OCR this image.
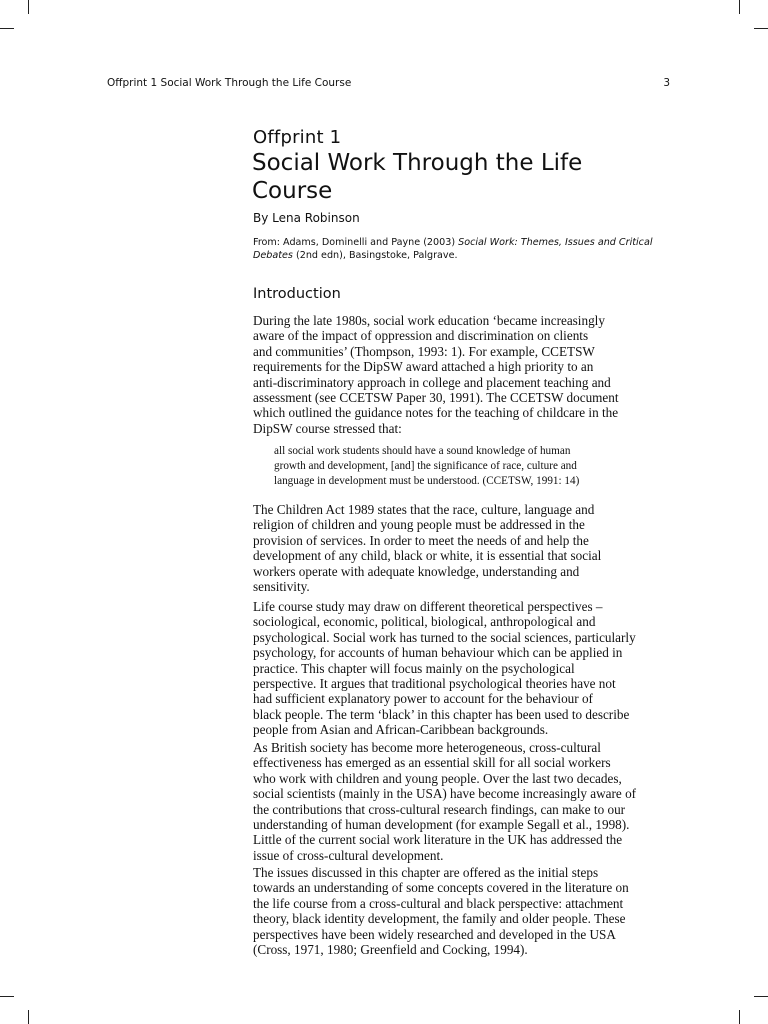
Offprint 1 Social Work Through the Life Course	3
Offprint 1
Social Work Through the Life
Course
By Lena Robinson
From: Adams, Dominelli and Payne (2003) Social Work: Themes, Issues and Critical
Debates (2nd edn), Basingstoke, Palgrave.
Introduction

During the late 1980s, social work education ‘became increasingly
aware of the impact of oppression and discrimination on clients
and communities’ (Thompson, 1993: 1). For example, CCETSW
requirements for the DipSW award attached a high priority to an
anti-discriminatory approach in college and placement teaching and
assessment (see CCETSW Paper 30, 1991). The CCETSW document
which outlined the guidance notes for the teaching of childcare in the
DipSW course stressed that:

all social work students should have a sound knowledge of human
growth and development, [and] the significance of race, culture and
language in development must be understood. (CCETSW, 1991: 14)

The Children Act 1989 states that the race, culture, language and
religion of children and young people must be addressed in the
provision of services. In order to meet the needs of and help the
development of any child, black or white, it is essential that social
workers operate with adequate knowledge, understanding and
sensitivity.

Life course study may draw on different theoretical perspectives –
sociological, economic, political, biological, anthropological and
psychological. Social work has turned to the social sciences, particularly
psychology, for accounts of human behaviour which can be applied in
practice. This chapter will focus mainly on the psychological
perspective. It argues that traditional psychological theories have not
had sufficient explanatory power to account for the behaviour of
black people. The term ‘black’ in this chapter has been used to describe
people from Asian and African-Caribbean backgrounds.

As British society has become more heterogeneous, cross-cultural
effectiveness has emerged as an essential skill for all social workers
who work with children and young people. Over the last two decades,
social scientists (mainly in the USA) have become increasingly aware of
the contributions that cross-cultural research findings, can make to our
understanding of human development (for example Segall et al., 1998).
Little of the current social work literature in the UK has addressed the
issue of cross-cultural development.

The issues discussed in this chapter are offered as the initial steps
towards an understanding of some concepts covered in the literature on
the life course from a cross-cultural and black perspective: attachment
theory, black identity development, the family and older people. These
perspectives have been widely researched and developed in the USA
(Cross, 1971, 1980; Greenfield and Cocking, 1994).
